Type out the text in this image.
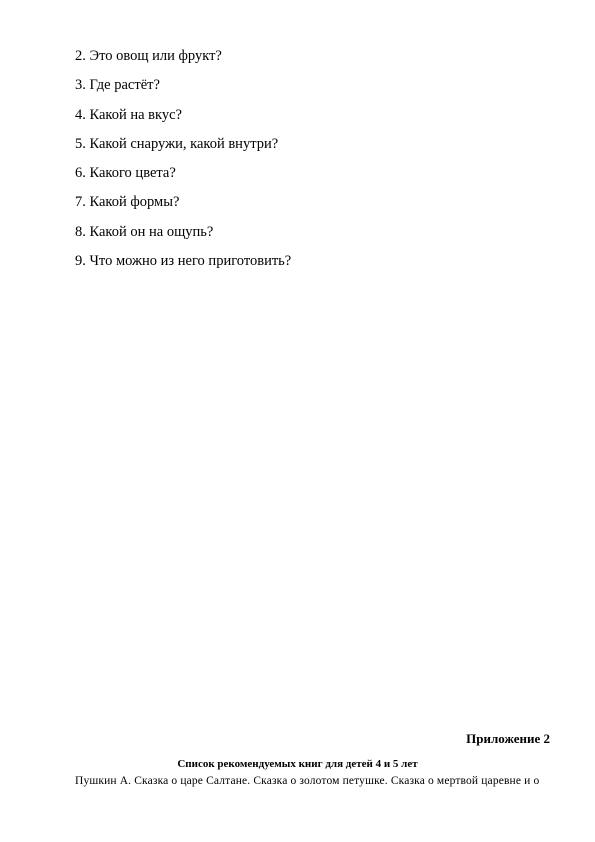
2. Это овощ или фрукт?
3. Где растёт?
4. Какой на вкус?
5. Какой снаружи, какой внутри?
6. Какого цвета?
7. Какой формы?
8. Какой он на ощупь?
9. Что можно из него приготовить?
Приложение 2
Список рекомендуемых книг для детей 4 и 5 лет
Пушкин А. Сказка о царе Салтане. Сказка о золотом петушке. Сказка о мертвой царевне и о
